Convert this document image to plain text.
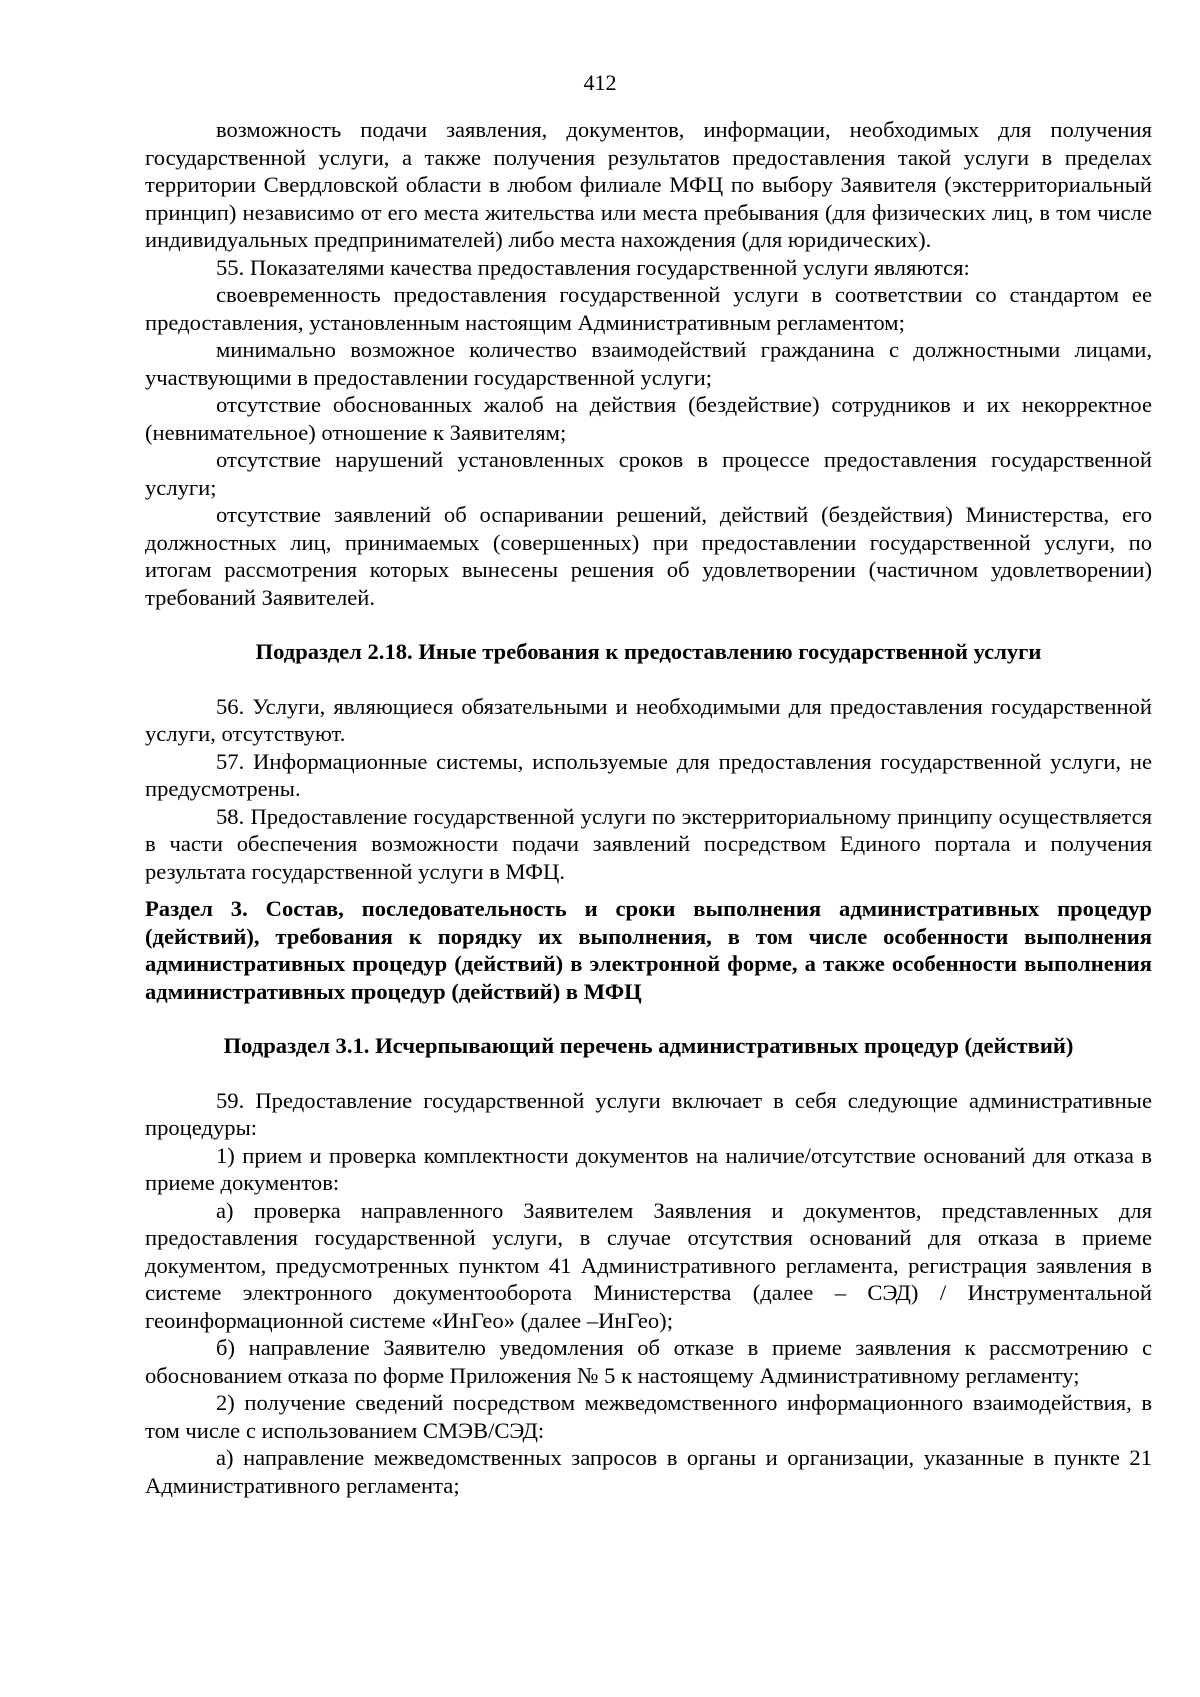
412

возможность подачи заявления, документов, информации, необходимых для получения государственной услуги, а также получения результатов предоставления такой услуги в пределах территории Свердловской области в любом филиале МФЦ по выбору Заявителя (экстерриториальный принцип) независимо от его места жительства или места пребывания (для физических лиц, в том числе индивидуальных предпринимателей) либо места нахождения (для юридических).

55. Показателями качества предоставления государственной услуги являются:

своевременность предоставления государственной услуги в соответствии со стандартом ее предоставления, установленным настоящим Административным регламентом;

минимально возможное количество взаимодействий гражданина с должностными лицами, участвующими в предоставлении государственной услуги;

отсутствие обоснованных жалоб на действия (бездействие) сотрудников и их некорректное (невнимательное) отношение к Заявителям;

отсутствие нарушений установленных сроков в процессе предоставления государственной услуги;

отсутствие заявлений об оспаривании решений, действий (бездействия) Министерства, его должностных лиц, принимаемых (совершенных) при предоставлении государственной услуги, по итогам рассмотрения которых вынесены решения об удовлетворении (частичном удовлетворении) требований Заявителей.

Подраздел 2.18. Иные требования к предоставлению государственной услуги

56. Услуги, являющиеся обязательными и необходимыми для предоставления государственной услуги, отсутствуют.

57. Информационные системы, используемые для предоставления государственной услуги, не предусмотрены.

58. Предоставление государственной услуги по экстерриториальному принципу осуществляется в части обеспечения возможности подачи заявлений посредством Единого портала и получения результата государственной услуги в МФЦ.

Раздел 3. Состав, последовательность и сроки выполнения административных процедур (действий), требования к порядку их выполнения, в том числе особенности выполнения административных процедур (действий) в электронной форме, а также особенности выполнения административных процедур (действий) в МФЦ

Подраздел 3.1. Исчерпывающий перечень административных процедур (действий)

59. Предоставление государственной услуги включает в себя следующие административные процедуры:

1) прием и проверка комплектности документов на наличие/отсутствие оснований для отказа в приеме документов:

а) проверка направленного Заявителем Заявления и документов, представленных для предоставления государственной услуги, в случае отсутствия оснований для отказа в приеме документом, предусмотренных пунктом 41 Административного регламента, регистрация заявления в системе электронного документооборота Министерства (далее – СЭД) / Инструментальной геоинформационной системе «ИнГео» (далее –ИнГео);

б) направление Заявителю уведомления об отказе в приеме заявления к рассмотрению с обоснованием отказа по форме Приложения № 5 к настоящему Административному регламенту;

2) получение сведений посредством межведомственного информационного взаимодействия, в том числе с использованием СМЭВ/СЭД:

а) направление межведомственных запросов в органы и организации, указанные в пункте 21 Административного регламента;
